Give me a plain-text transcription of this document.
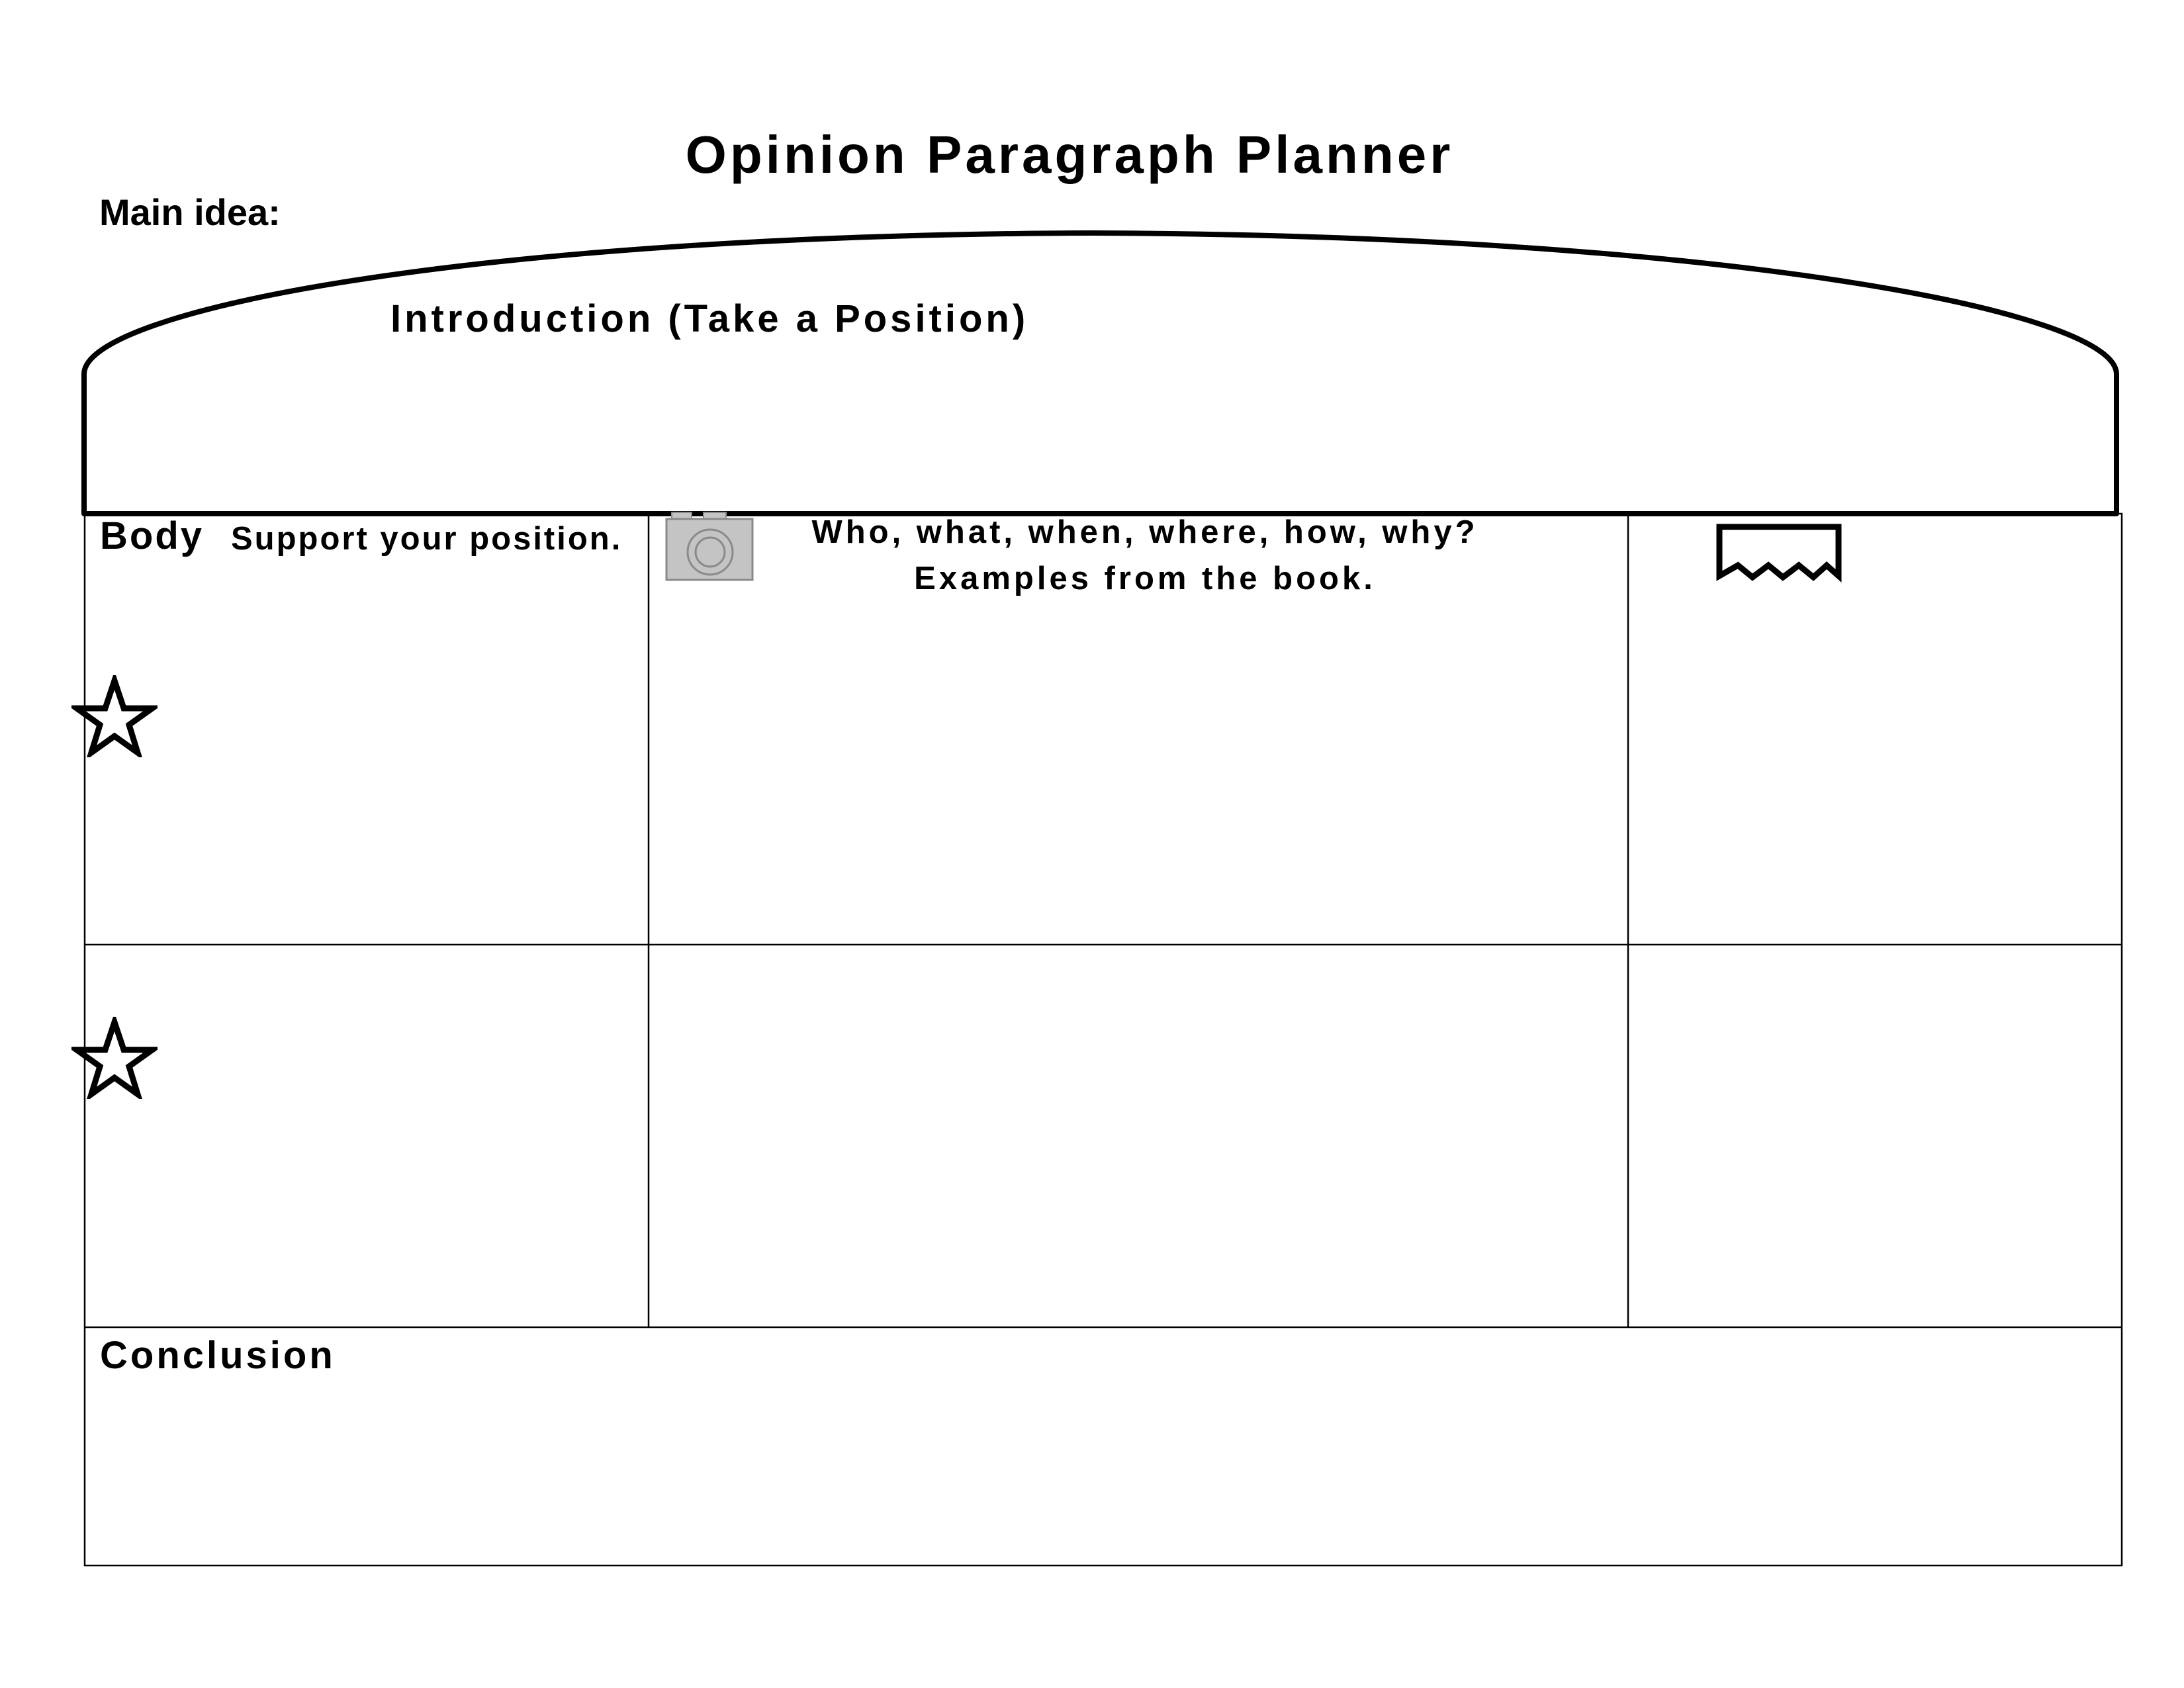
Opinion Paragraph Planner
Main idea:
Introduction (Take a Position)
Body Support your position.	Who, what, when, where, how, why?
Examples from the book.
Conclusion
